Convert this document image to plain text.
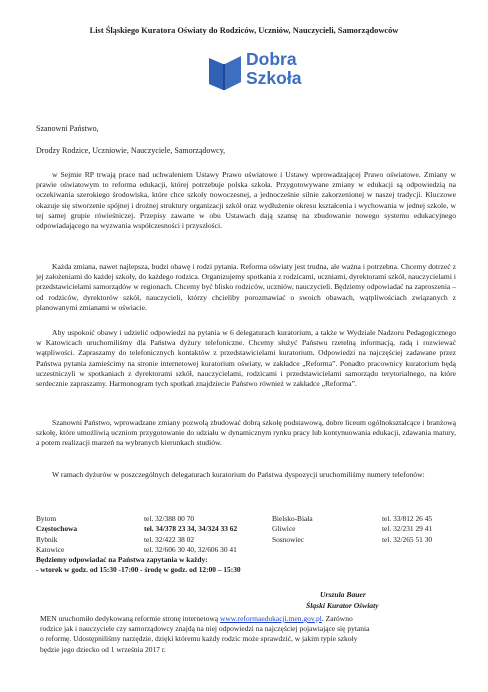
List Śląskiego Kuratora Oświaty do Rodziców, Uczniów, Nauczycieli, Samorządowców
Dobra
Szkoła
Szanowni Państwo,
Drodzy Rodzice, Uczniowie, Nauczyciele, Samorządowcy,
w Sejmie RP trwają prace nad uchwaleniem Ustawy Prawo oświatowe i Ustawy wprowadzającej Prawo oświatowe. Zmiany w prawie oświatowym to reforma edukacji, której potrzebuje polska szkoła. Przygotowywane zmiany w edukacji są odpowiedzią na oczekiwania szerokiego środowiska, które chce szkoły nowoczesnej, a jednocześnie silnie zakorzenionej w naszej tradycji. Kluczowe okazuje się stworzenie spójnej i drożnej struktury organizacji szkół oraz wydłużenie okresu kształcenia i wychowania w jednej szkole, w tej samej grupie rówieśniczej. Przepisy zawarte w obu Ustawach dają szansę na zbudowanie nowego systemu edukacyjnego odpowiadającego na wyzwania współczesności i przyszłości.
Każda zmiana, nawet najlepsza, budzi obawę i rodzi pytania. Reforma oświaty jest trudna, ale ważna i potrzebna. Chcemy dotrzeć z jej założeniami do każdej szkoły, do każdego rodzica. Organizujemy spotkania z rodzicami, uczniami, dyrektorami szkół, nauczycielami i przedstawicielami samorządów w regionach. Chcemy być blisko rodziców, uczniów, nauczycieli. Będziemy odpowiadać na zaproszenia – od rodziców, dyrektorów szkół, nauczycieli, którzy chcieliby porozmawiać o swoich obawach, wątpliwościach związanych z planowanymi zmianami w oświacie.
Aby uspokoić obawy i udzielić odpowiedzi na pytania w 6 delegaturach kuratorium, a także w Wydziale Nadzoru Pedagogicznego w Katowicach uruchomiliśmy dla Państwa dyżury telefoniczne. Chcemy służyć Państwu rzetelną informacją, radą i rozwiewać wątpliwości. Zapraszamy do telefonicznych kontaktów z przedstawicielami kuratorium. Odpowiedzi na najczęściej zadawane przez Państwa pytania zamieścimy na stronie internetowej kuratorium oświaty, w zakładce „Reforma”. Ponadto pracownicy kuratorium będą uczestniczyli w spotkaniach z dyrektorami szkół, nauczycielami, rodzicami i przedstawicielami samorządu terytorialnego, na które serdecznie zapraszamy. Harmonogram tych spotkań znajdziecie Państwo również w zakładce „Reforma”.
Szanowni Państwo, wprowadzane zmiany pozwolą zbudować dobrą szkołę podstawową, dobre liceum ogólnokształcące i branżową szkołę, które umożliwią uczniom przygotowanie do udziału w dynamicznym rynku pracy lub kontynuowania edukacji, zdawania matury, a potem realizacji marzeń na wybranych kierunkach studiów.
W ramach dyżurów w poszczególnych delegaturach kuratorium do Państwa dyspozycji uruchomiliśmy numery telefonów:
Bytom	tel. 32/388 00 70	Bielsko-Biała	tel. 33/812 26 45
Częstochowa	tel. 34/378 23 34, 34/324 33 62	Gliwice	tel. 32/231 29 41
Rybnik	tel. 32/422 38 02	Sosnowiec	tel. 32/265 51 30
Katowice	tel. 32/606 30 40, 32/606 30 41
Będziemy odpowiadać na Państwa zapytania w każdy:
- wtorek w godz. od 15:30 -17:00 - środę w godz. od 12:00 – 15:30
Urszula Bauer
Śląski Kurator Oświaty
MEN uruchomiło dedykowaną reformie stronę internetową www.reformaedukacji.men.gov.pl. Zarówno
rodzice jak i nauczyciele czy samorządowcy znajdą na niej odpowiedzi na najczęściej pojawiające się pytania
o reformę. Udostępniliśmy narzędzie, dzięki któremu każdy rodzic może sprawdzić, w jakim typie szkoły
będzie jego dziecko od 1 września 2017 r.
